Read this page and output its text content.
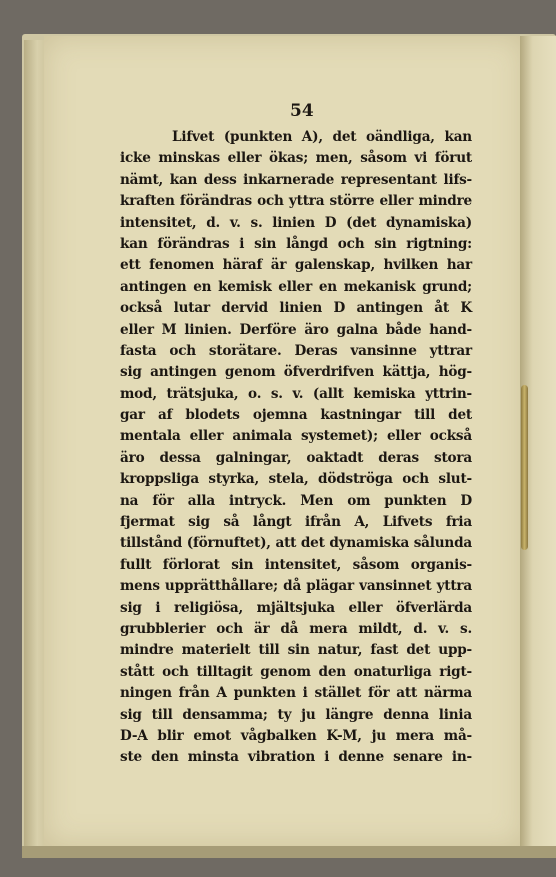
54
Lifvet (punkten A), det oändliga, kan
icke minskas eller ökas; men, såsom vi förut
nämt, kan dess inkarnerade representant lifs-
kraften förändras och yttra större eller mindre
intensitet, d. v. s. linien D (det dynamiska)
kan förändras i sin långd och sin rigtning:
ett fenomen häraf är galenskap, hvilken har
antingen en kemisk eller en mekanisk grund;
också lutar dervid linien D antingen åt K
eller M linien. Derföre äro galna både hand-
fasta och storätare. Deras vansinne yttrar
sig antingen genom öfverdrifven kättja, hög-
mod, trätsjuka, o. s. v. (allt kemiska yttrin-
gar af blodets ojemna kastningar till det
mentala eller animala systemet); eller också
äro dessa galningar, oaktadt deras stora
kroppsliga styrka, stela, dödströga och slut-
na för alla intryck. Men om punkten D
fjermat sig så långt ifrån A, Lifvets fria
tillstånd (förnuftet), att det dynamiska sålunda
fullt förlorat sin intensitet, såsom organis-
mens upprätthållare; då plägar vansinnet yttra
sig i religiösa, mjältsjuka eller öfverlärda
grubblerier och är då mera mildt, d. v. s.
mindre materielt till sin natur, fast det upp-
stått och tilltagit genom den onaturliga rigt-
ningen från A punkten i stället för att närma
sig till densamma; ty ju längre denna linia
D-A blir emot vågbalken K-M, ju mera må-
ste den minsta vibration i denne senare in-
